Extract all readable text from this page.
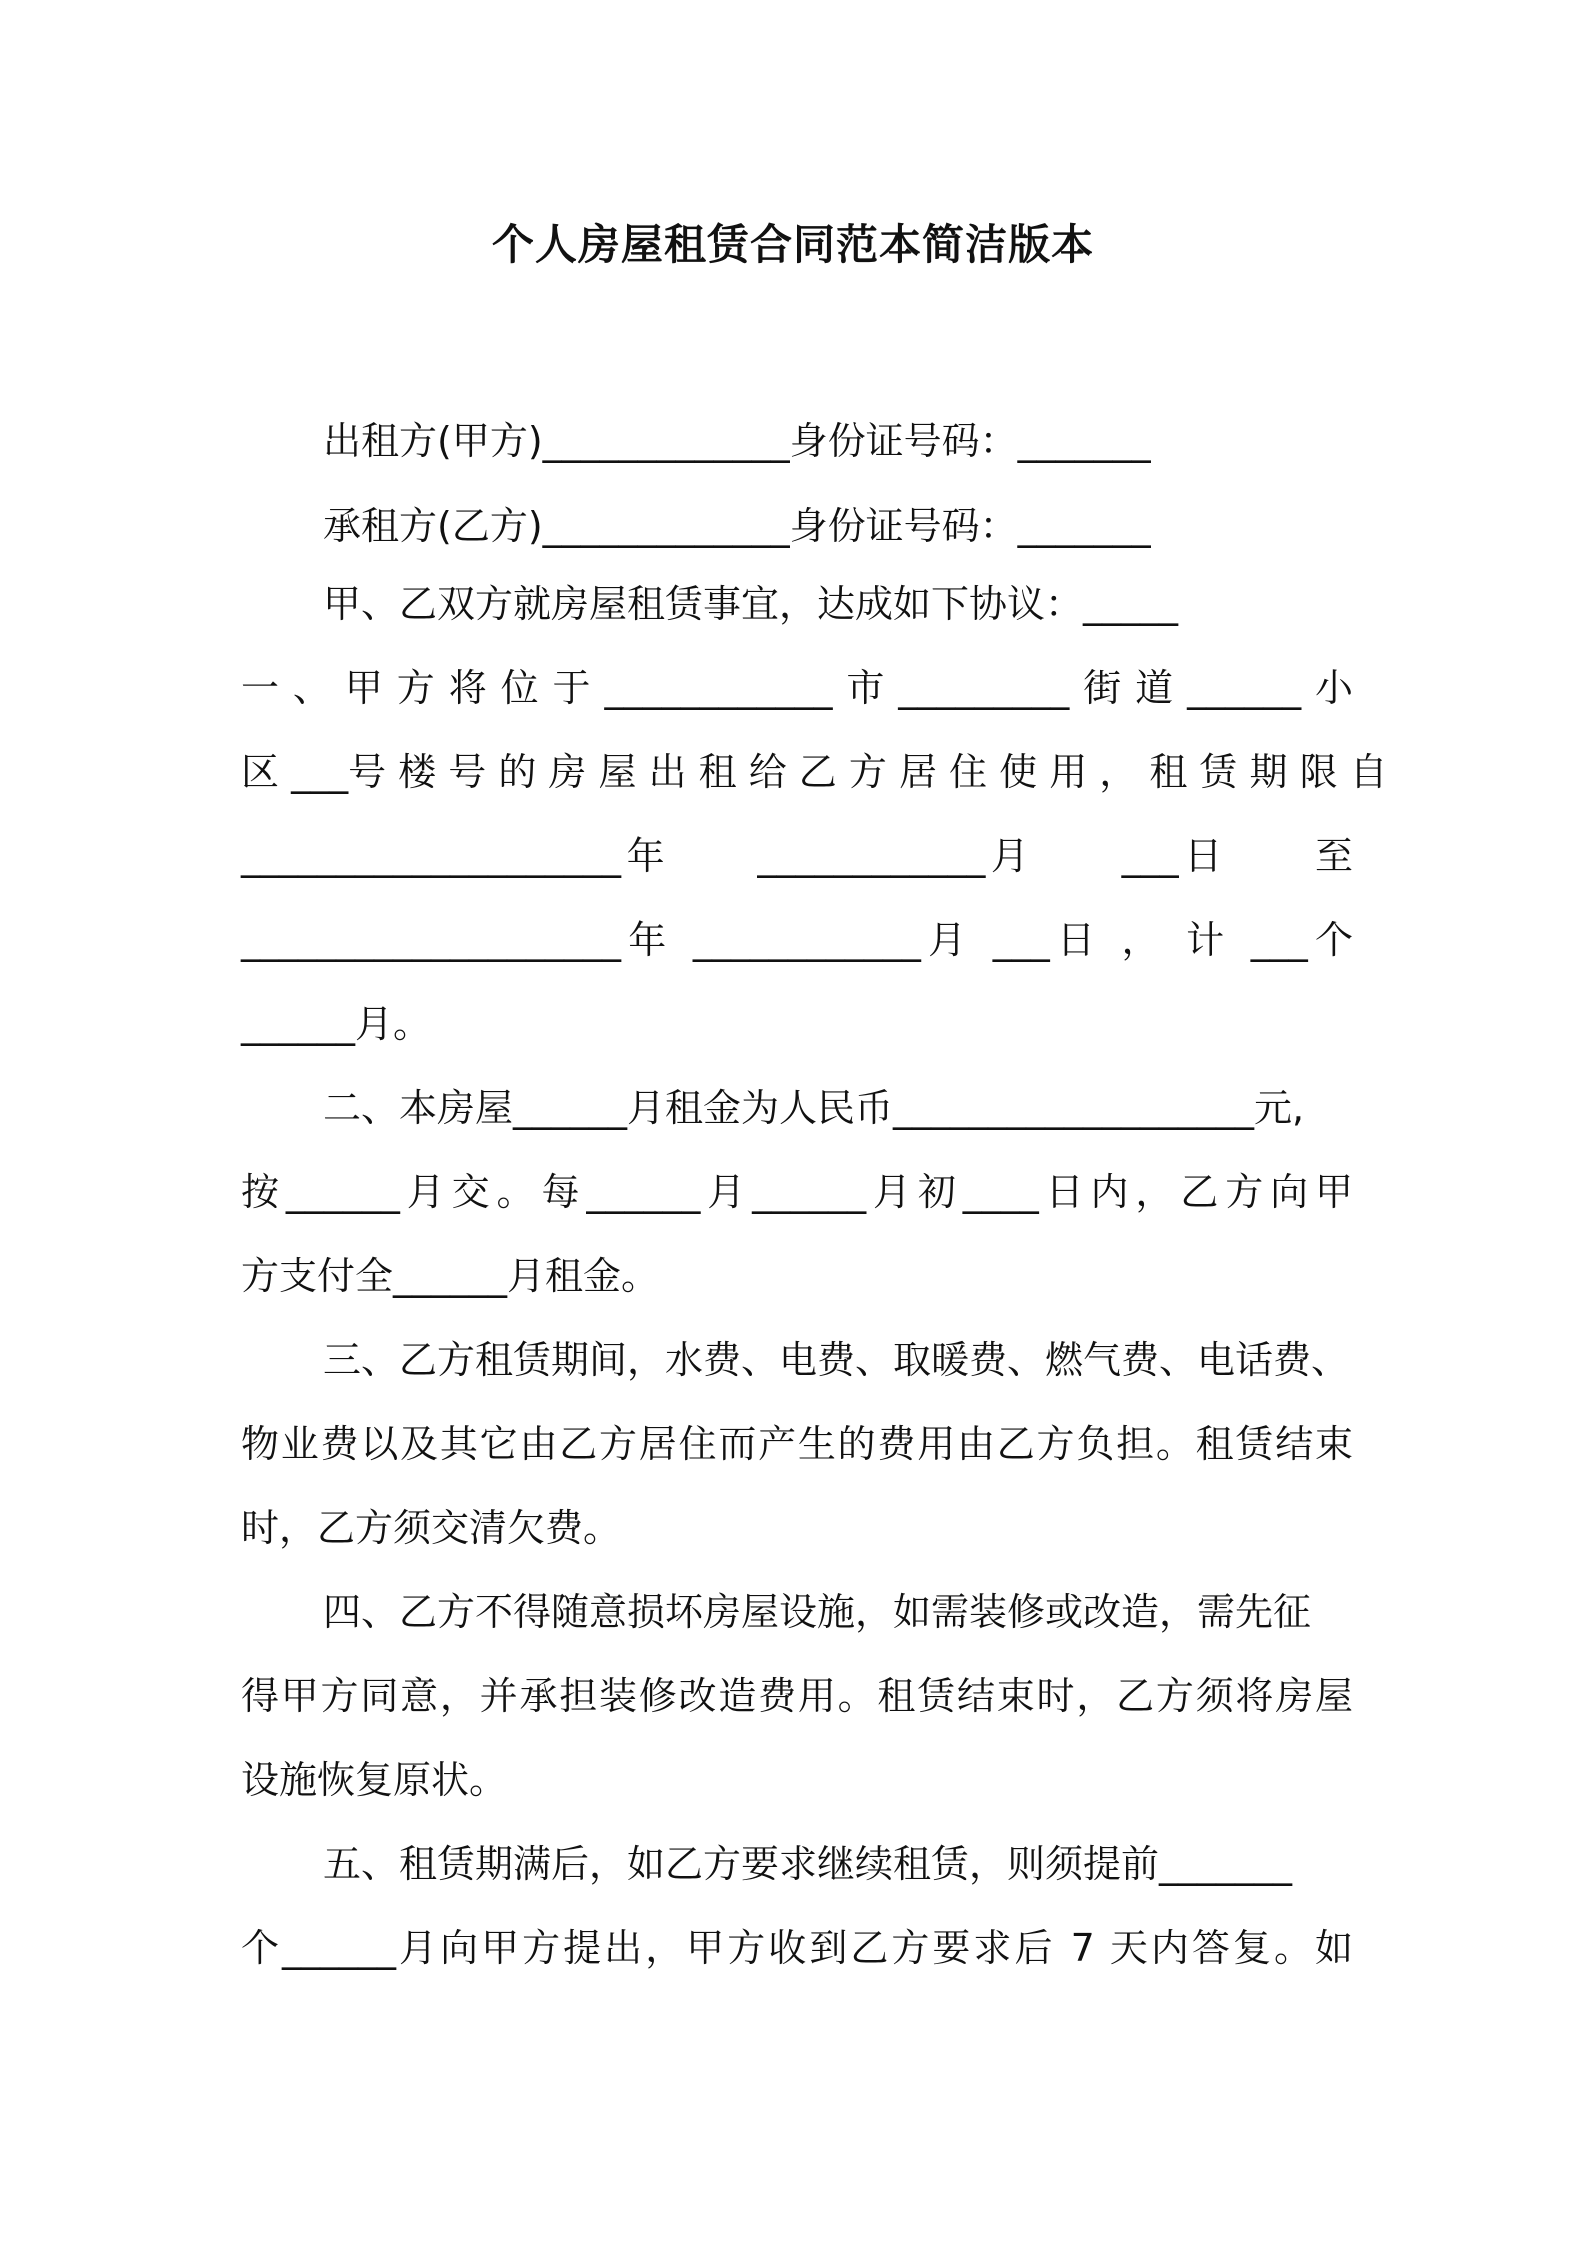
个人房屋租赁合同范本简洁版本
出租方(甲方)_____________身份证号码：_______
承租方(乙方)_____________身份证号码：_______
甲、乙双方就房屋租赁事宜，达成如下协议：_____
一、甲方将位于____________市_________街道______小
区 ___号 楼 号 的 房 屋 出 租 给 乙 方 居 住 使 用 ， 租 赁 期 限 自
____________________年　　____________月　　___日　　至
____________________年 ____________月 ___日 ， 计 ___个
______月。
二、本房屋______月租金为人民币___________________元,
按______月交。每______月______月初____日内，乙方向甲
方支付全______月租金。
三、乙方租赁期间，水费、电费、取暖费、燃气费、电话费、
物业费以及其它由乙方居住而产生的费用由乙方负担。租赁结束
时，乙方须交清欠费。
四、乙方不得随意损坏房屋设施，如需装修或改造，需先征
得甲方同意，并承担装修改造费用。租赁结束时，乙方须将房屋
设施恢复原状。
五、租赁期满后，如乙方要求继续租赁，则须提前_______
个______月向甲方提出，甲方收到乙方要求后 7 天内答复。如
